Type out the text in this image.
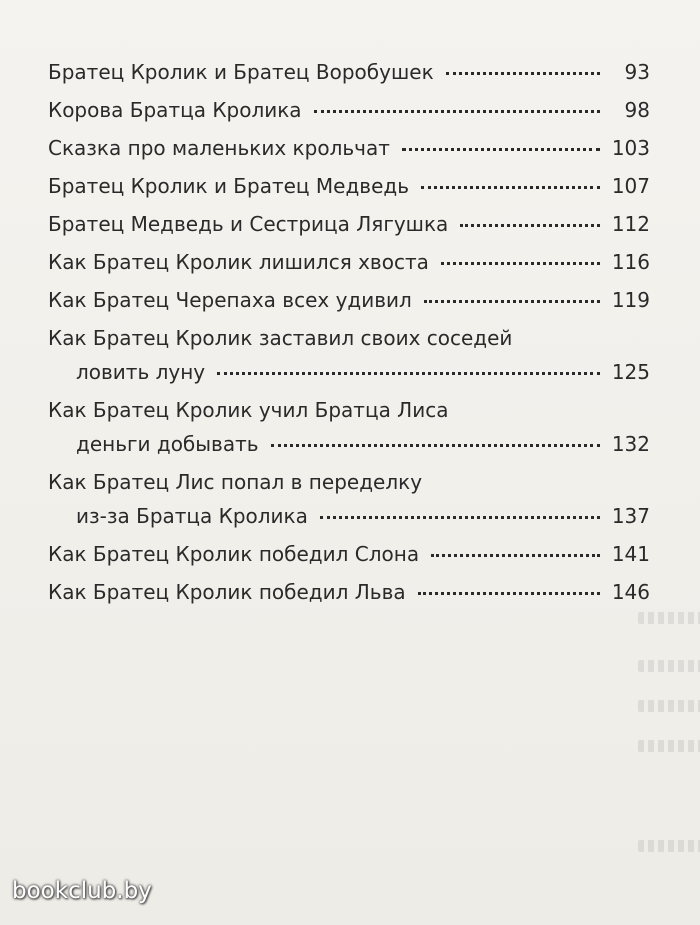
Братец Кролик и Братец Воробушек	93
Корова Братца Кролика	98
Сказка про маленьких крольчат	103
Братец Кролик и Братец Медведь	107
Братец Медведь и Сестрица Лягушка	112
Как Братец Кролик лишился хвоста	116
Как Братец Черепаха всех удивил	119
Как Братец Кролик заставил своих соседей
ловить луну	125
Как Братец Кролик учил Братца Лиса
деньги добывать	132
Как Братец Лис попал в переделку
из-за Братца Кролика	137
Как Братец Кролик победил Слона	141
Как Братец Кролик победил Льва	146
bookclub.by
